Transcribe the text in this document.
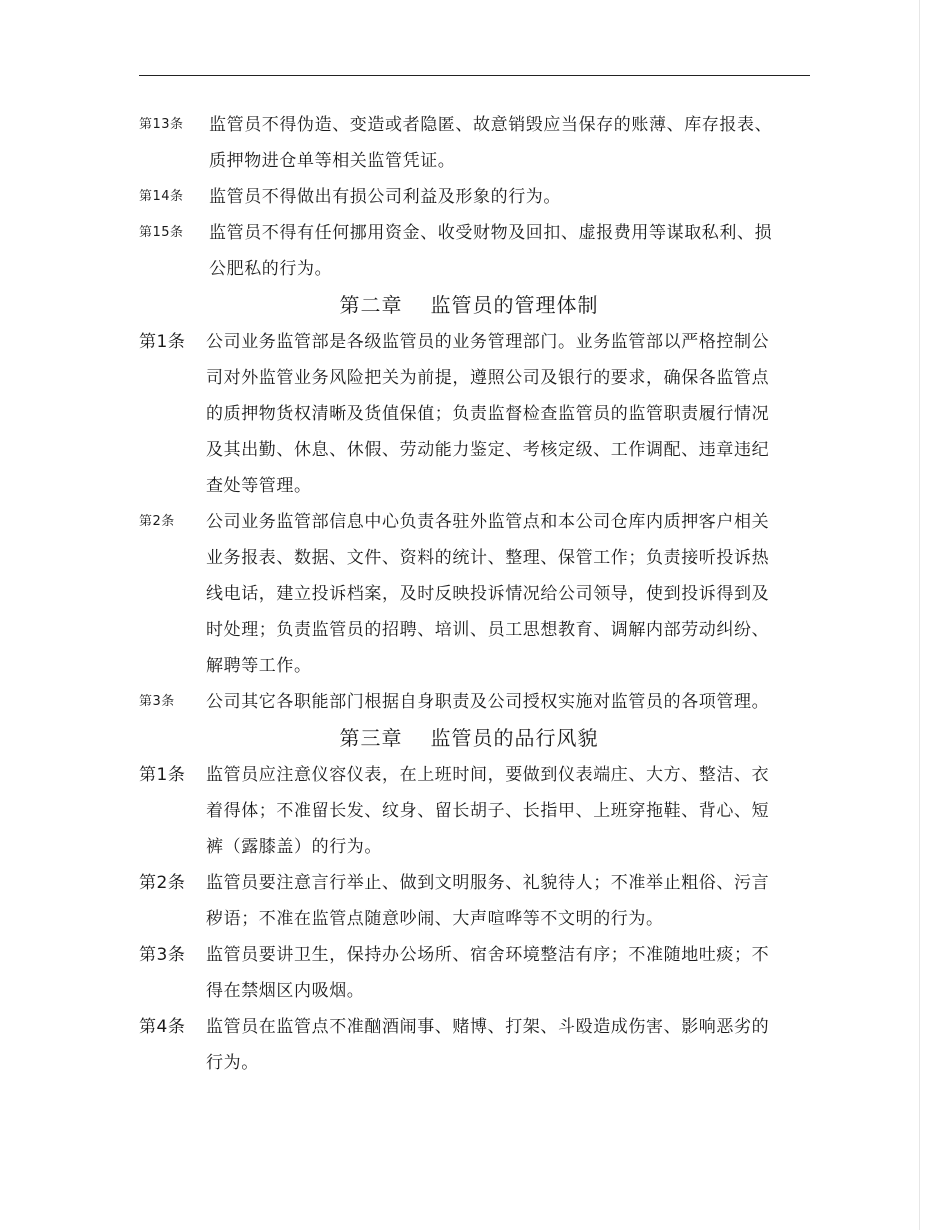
第13条	监管员不得伪造、变造或者隐匿、故意销毁应当保存的账薄、库存报表、质押物进仓单等相关监管凭证。
第14条	监管员不得做出有损公司利益及形象的行为。
第15条	监管员不得有任何挪用资金、收受财物及回扣、虚报费用等谋取私利、损公肥私的行为。
第二章 监管员的管理体制
第1条	公司业务监管部是各级监管员的业务管理部门。业务监管部以严格控制公司对外监管业务风险把关为前提，遵照公司及银行的要求，确保各监管点的质押物货权清晰及货值保值；负责监督检查监管员的监管职责履行情况及其出勤、休息、休假、劳动能力鉴定、考核定级、工作调配、违章违纪查处等管理。
第2条	公司业务监管部信息中心负责各驻外监管点和本公司仓库内质押客户相关业务报表、数据、文件、资料的统计、整理、保管工作；负责接听投诉热线电话，建立投诉档案，及时反映投诉情况给公司领导，使到投诉得到及时处理；负责监管员的招聘、培训、员工思想教育、调解内部劳动纠纷、解聘等工作。
第3条	公司其它各职能部门根据自身职责及公司授权实施对监管员的各项管理。
第三章 监管员的品行风貌
第1条	监管员应注意仪容仪表，在上班时间，要做到仪表端庄、大方、整洁、衣着得体；不准留长发、纹身、留长胡子、长指甲、上班穿拖鞋、背心、短裤（露膝盖）的行为。
第2条	监管员要注意言行举止、做到文明服务、礼貌待人；不准举止粗俗、污言秽语；不准在监管点随意吵闹、大声喧哗等不文明的行为。
第3条	监管员要讲卫生，保持办公场所、宿舍环境整洁有序；不准随地吐痰；不得在禁烟区内吸烟。
第4条	监管员在监管点不准酗酒闹事、赌博、打架、斗殴造成伤害、影响恶劣的行为。
